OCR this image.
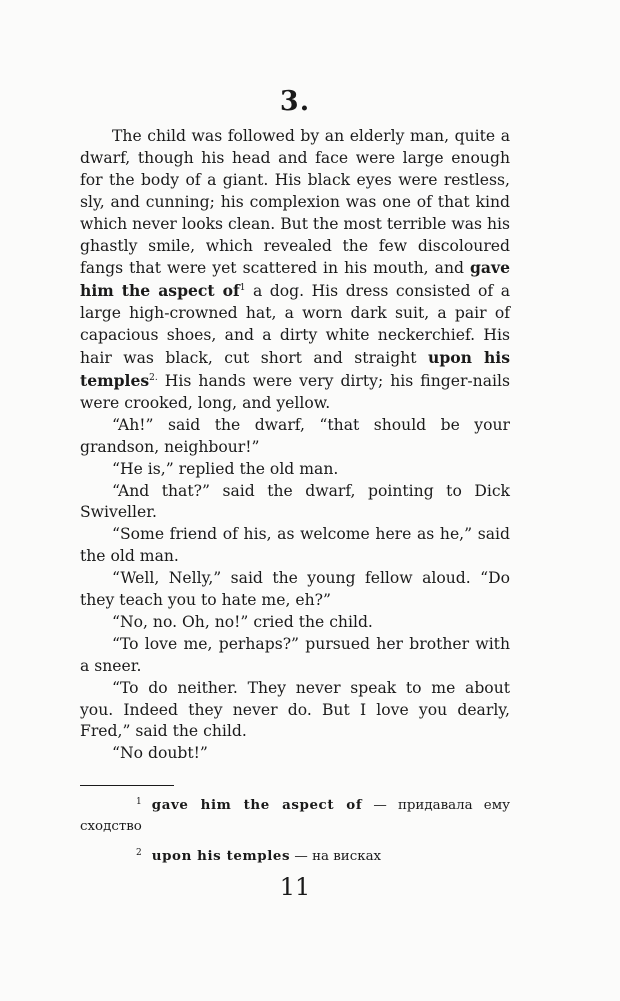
3.

The child was followed by an elderly man, quite a dwarf, though his head and face were large enough for the body of a giant. His black eyes were restless, sly, and cunning; his complexion was one of that kind which never looks clean. But the most terrible was his ghastly smile, which revealed the few discoloured fangs that were yet scattered in his mouth, and gave him the aspect $of^1$ a dog. His dress consisted of a large high-crowned hat, a worn dark suit, a pair of capacious shoes, and a dirty white neckerchief. His hair was black, cut short and straight upon his temples$^{2.}$ His hands were very dirty; his finger-nails were crooked, long, and yellow.

“Ah!” said the dwarf, “that should be your grandson, neighbour!”

“He is,” replied the old man.

“And that?” said the dwarf, pointing to Dick Swiveller.

“Some friend of his, as welcome here as he,” said the old man.

“Well, Nelly,” said the young fellow aloud. “Do they teach you to hate me, eh?”

“No, no. Oh, no!” cried the child.

“To love me, perhaps?” pursued her brother with a sneer.

“To do neither. They never speak to me about you. Indeed they never do. But I love you dearly, Fred,” said the child.

“No doubt!”

1 gave him the aspect of — придавала ему сходство

2 upon his temples — на висках

11
